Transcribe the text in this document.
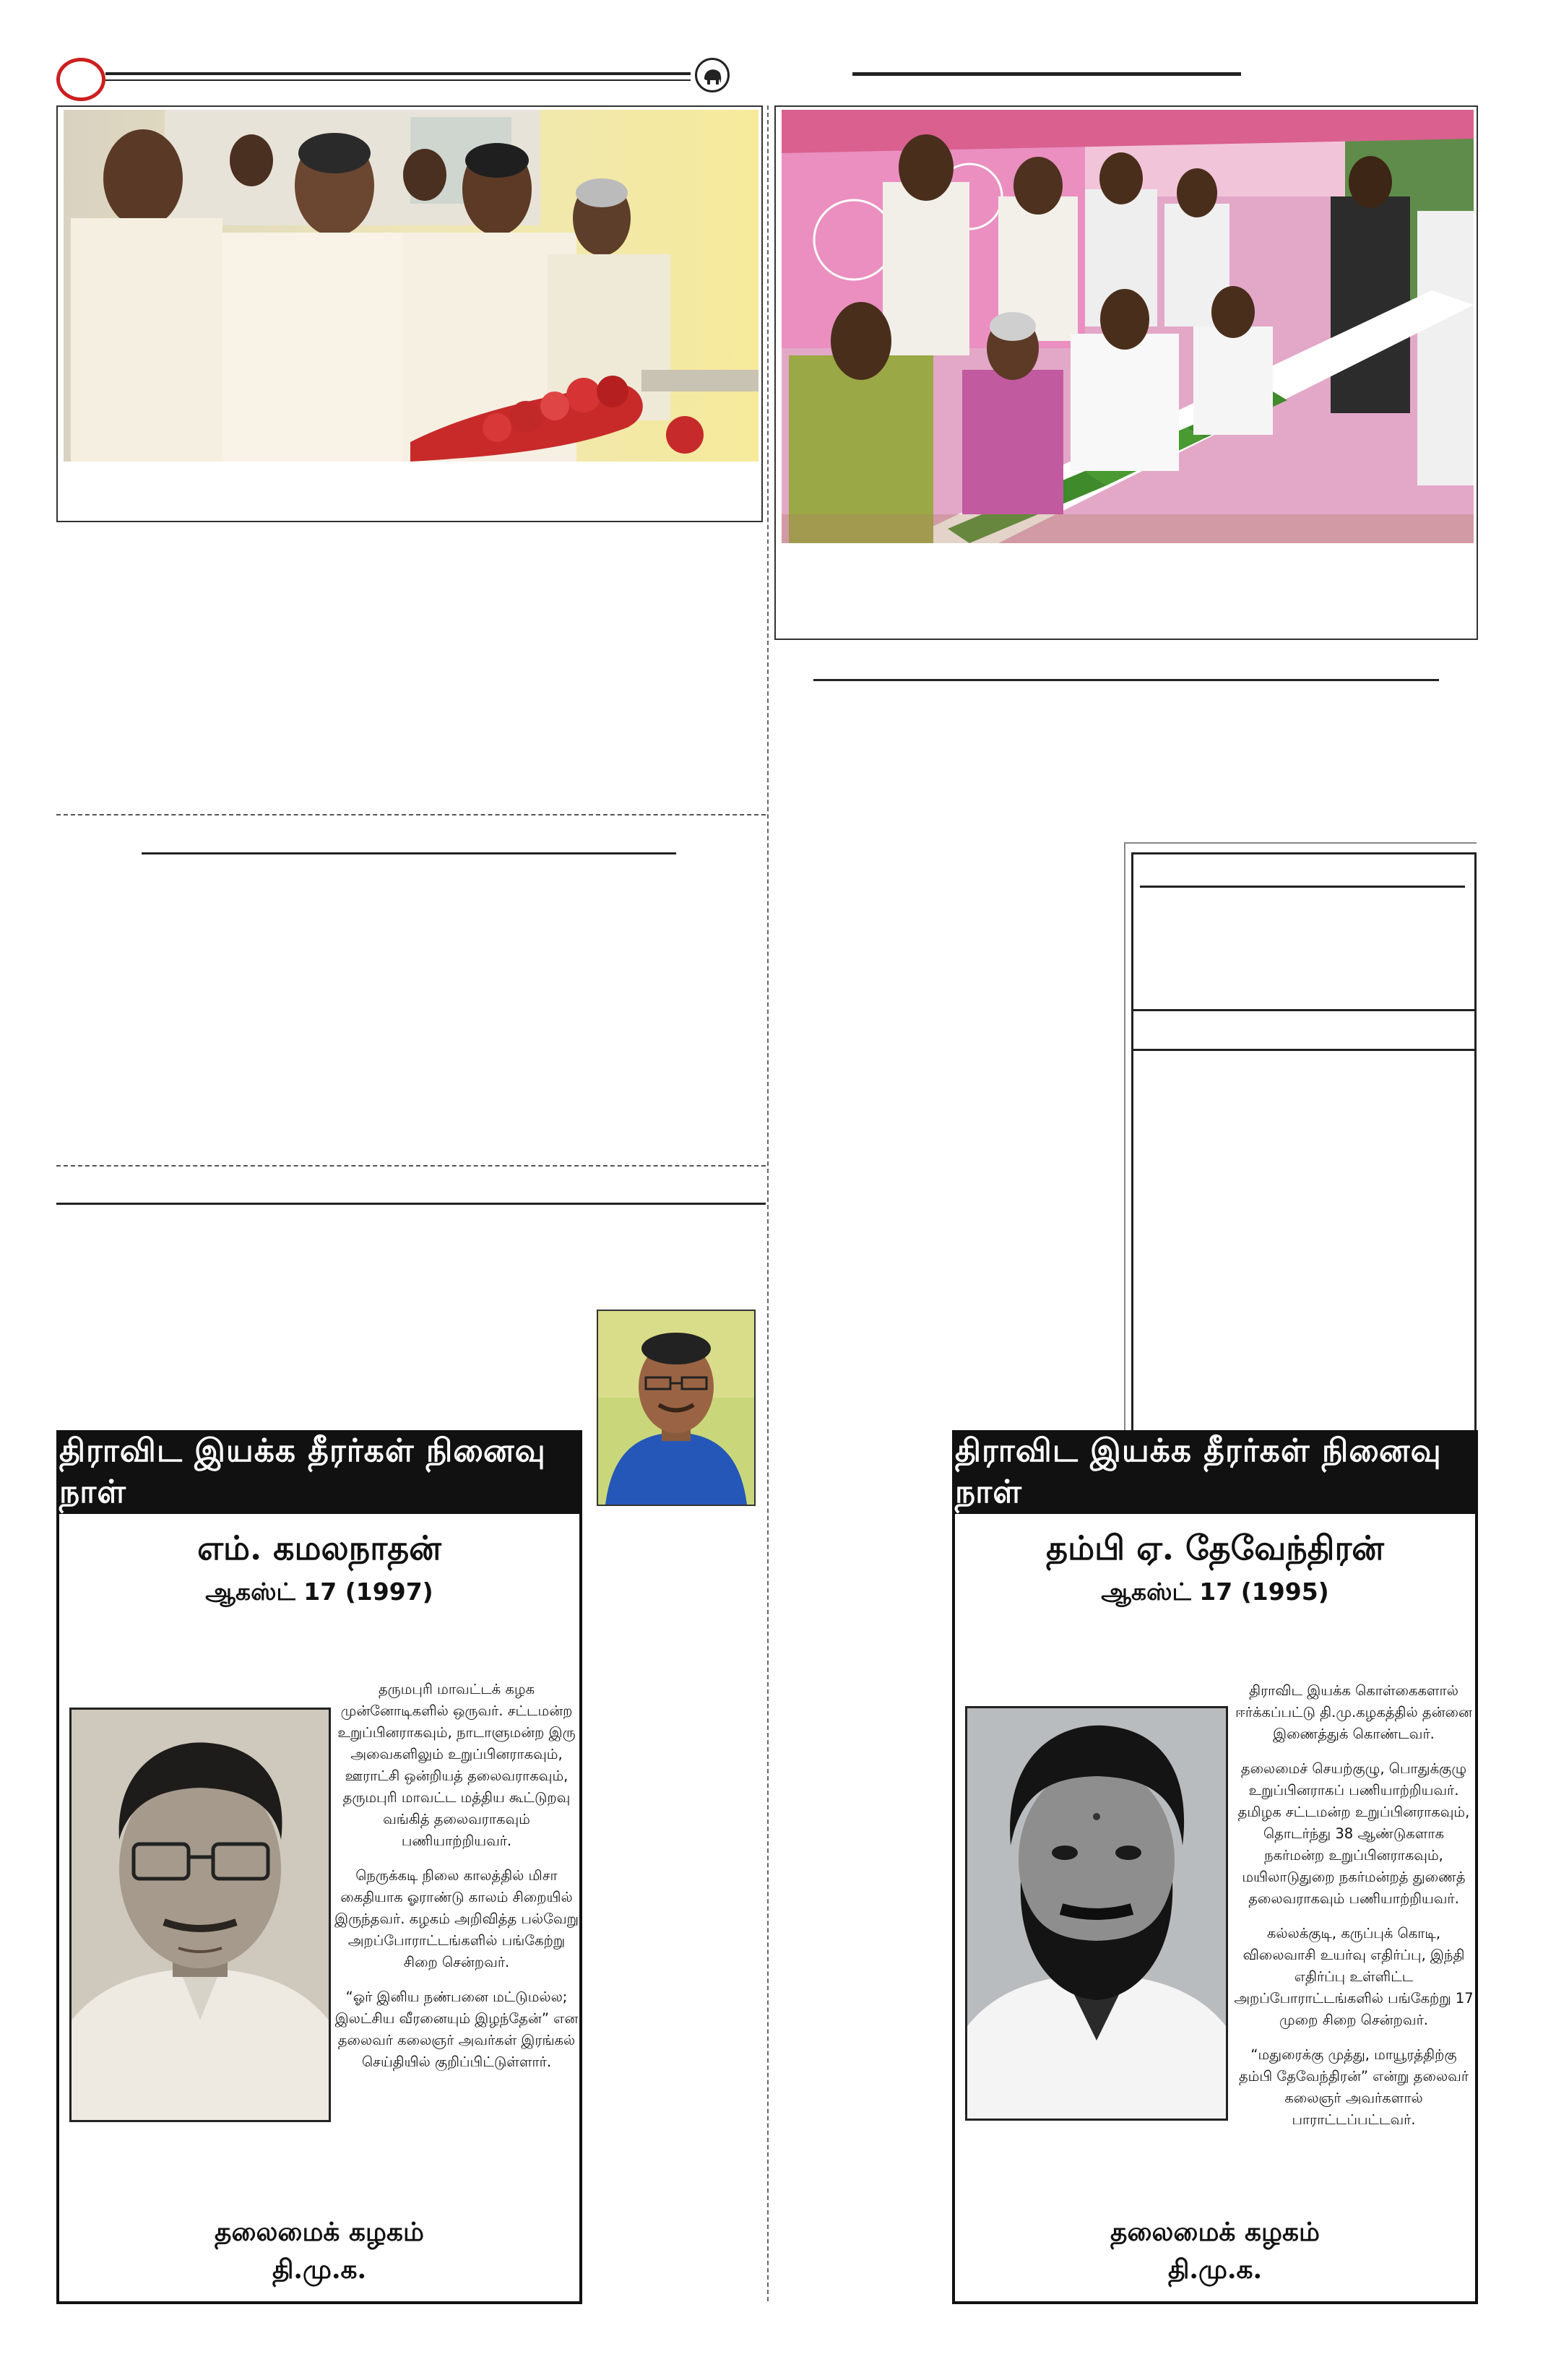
திராவிட இயக்க தீரர்கள் நினைவு நாள்
எம். கமலநாதன்
ஆகஸ்ட் 17 (1997)

தருமபுரி மாவட்டக் கழக முன்னோடிகளில் ஒருவர். சட்டமன்ற உறுப்பினராகவும், நாடாளுமன்ற இரு அவைகளிலும் உறுப்பினராகவும், ஊராட்சி ஒன்றியத் தலைவராகவும், தருமபுரி மாவட்ட மத்திய கூட்டுறவு வங்கித் தலைவராகவும் பணியாற்றியவர்.

நெருக்கடி நிலை காலத்தில் மிசா கைதியாக ஓராண்டு காலம் சிறையில் இருந்தவர். கழகம் அறிவித்த பல்வேறு அறப்போராட்டங்களில் பங்கேற்று சிறை சென்றவர்.

“ஓர் இனிய நண்பனை மட்டுமல்ல; இலட்சிய வீரனையும் இழந்தேன்” என தலைவர் கலைஞர் அவர்கள் இரங்கல் செய்தியில் குறிப்பிட்டுள்ளார்.

தலைமைக் கழகம்
தி.மு.க.
திராவிட இயக்க தீரர்கள் நினைவு நாள்
தம்பி ஏ. தேவேந்திரன்
ஆகஸ்ட் 17 (1995)

திராவிட இயக்க கொள்கைகளால் ஈர்க்கப்பட்டு தி.மு.கழகத்தில் தன்னை இணைத்துக் கொண்டவர்.

தலைமைச் செயற்குழு, பொதுக்குழு உறுப்பினராகப் பணியாற்றியவர். தமிழக சட்டமன்ற உறுப்பினராகவும், தொடர்ந்து 38 ஆண்டுகளாக நகர்மன்ற உறுப்பினராகவும், மயிலாடுதுறை நகர்மன்றத் துணைத் தலைவராகவும் பணியாற்றியவர்.

கல்லக்குடி, கருப்புக் கொடி, விலைவாசி உயர்வு எதிர்ப்பு, இந்தி எதிர்ப்பு உள்ளிட்ட அறப்போராட்டங்களில் பங்கேற்று 17 முறை சிறை சென்றவர்.

“மதுரைக்கு முத்து, மாயூரத்திற்கு தம்பி தேவேந்திரன்” என்று தலைவர் கலைஞர் அவர்களால் பாராட்டப்பட்டவர்.

தலைமைக் கழகம்
தி.மு.க.
